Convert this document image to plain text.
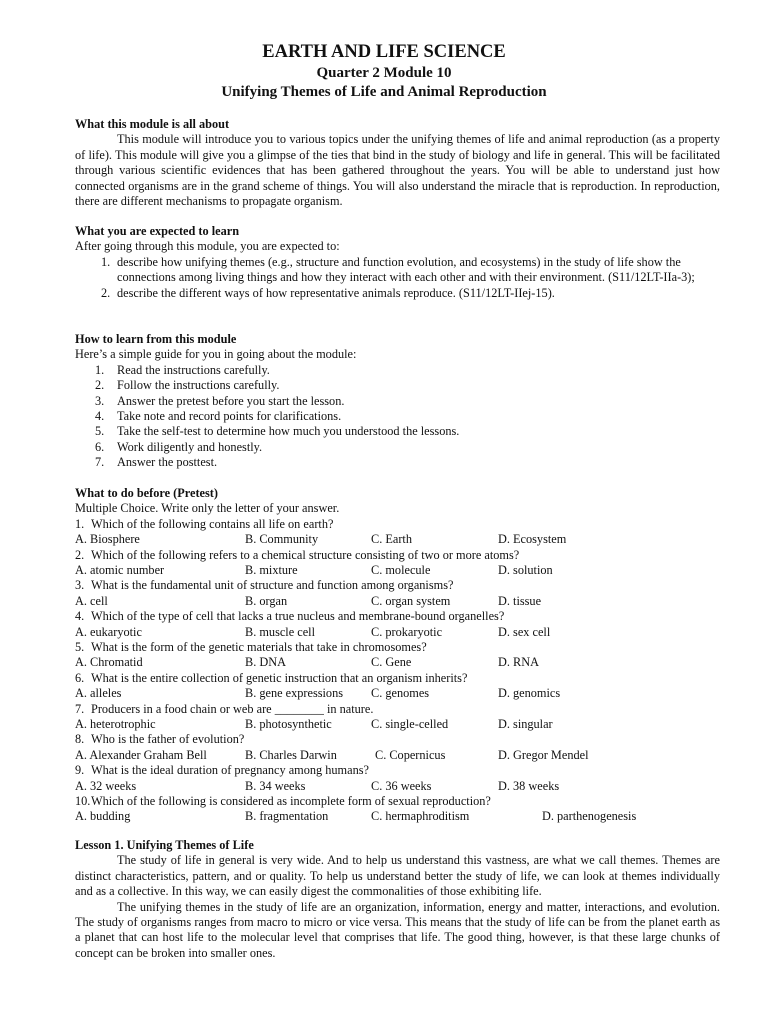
EARTH AND LIFE SCIENCE
Quarter 2 Module 10
Unifying Themes of Life and Animal Reproduction
What this module is all about
This module will introduce you to various topics under the unifying themes of life and animal reproduction (as a property of life). This module will give you a glimpse of the ties that bind in the study of biology and life in general. This will be facilitated through various scientific evidences that has been gathered throughout the years. You will be able to understand just how connected organisms are in the grand scheme of things. You will also understand the miracle that is reproduction. In reproduction, there are different mechanisms to propagate organism.
What you are expected to learn
After going through this module, you are expected to:
1. describe how unifying themes (e.g., structure and function evolution, and ecosystems) in the study of life show the connections among living things and how they interact with each other and with their environment. (S11/12LT-IIa-3);
2. describe the different ways of how representative animals reproduce. (S11/12LT-IIej-15).
How to learn from this module
Here’s a simple guide for you in going about the module:
1.	Read the instructions carefully.
2.	Follow the instructions carefully.
3.	Answer the pretest before you start the lesson.
4.	Take note and record points for clarifications.
5.	Take the self-test to determine how much you understood the lessons.
6.	Work diligently and honestly.
7.	Answer the posttest.
What to do before (Pretest)
Multiple Choice. Write only the letter of your answer.
1. Which of the following contains all life on earth?
A. Biosphere	B. Community	C. Earth	D. Ecosystem
2. Which of the following refers to a chemical structure consisting of two or more atoms?
A. atomic number	B. mixture	C. molecule	D. solution
3. What is the fundamental unit of structure and function among organisms?
A. cell	B. organ	C. organ system	D. tissue
4. Which of the type of cell that lacks a true nucleus and membrane-bound organelles?
A. eukaryotic	B. muscle cell	C. prokaryotic	D. sex cell
5. What is the form of the genetic materials that take in chromosomes?
A. Chromatid	B. DNA	C. Gene	D. RNA
6. What is the entire collection of genetic instruction that an organism inherits?
A. alleles	B. gene expressions C. genomes	D. genomics
7. Producers in a food chain or web are ________ in nature.
A. heterotrophic	B. photosynthetic	C. single-celled	D. singular
8. Who is the father of evolution?
A. Alexander Graham Bell	B. Charles Darwin	C. Copernicus	D. Gregor Mendel
9. What is the ideal duration of pregnancy among humans?
A. 32 weeks	B. 34 weeks	C. 36 weeks	D. 38 weeks
10. Which of the following is considered as incomplete form of sexual reproduction?
A. budding	B. fragmentation	C. hermaphroditism	D. parthenogenesis
Lesson 1. Unifying Themes of Life
The study of life in general is very wide. And to help us understand this vastness, are what we call themes. Themes are distinct characteristics, pattern, and or quality. To help us understand better the study of life, we can look at themes individually and as a collective. In this way, we can easily digest the commonalities of those exhibiting life.
The unifying themes in the study of life are an organization, information, energy and matter, interactions, and evolution. The study of organisms ranges from macro to micro or vice versa. This means that the study of life can be from the planet earth as a planet that can host life to the molecular level that comprises that life. The good thing, however, is that these large chunks of concept can be broken into smaller ones.
